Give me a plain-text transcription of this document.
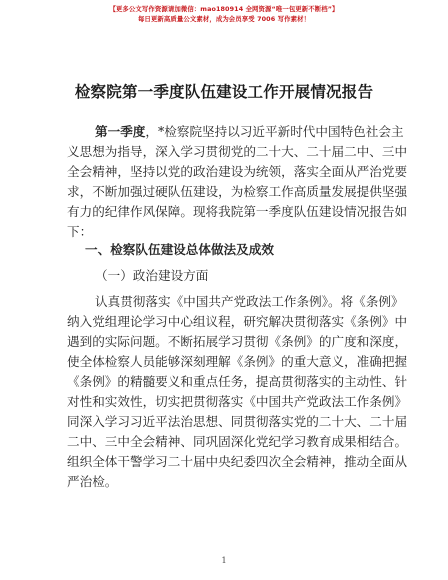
【更多公文写作资源请加微信：mao180914 全网资源“唯一包更新不断档”】
每日更新高质量公文素材，成为会员享受 7006 写作素材！
检察院第一季度队伍建设工作开展情况报告
第一季度，*检察院坚持以习近平新时代中国特色社会主
义思想为指导，深入学习贯彻党的二十大、二十届二中、三中
全会精神，坚持以党的政治建设为统领，落实全面从严治党要
求，不断加强过硬队伍建设，为检察工作高质量发展提供坚强
有力的纪律作风保障。现将我院第一季度队伍建设情况报告如
下：
一、检察队伍建设总体做法及成效
（一）政治建设方面
认真贯彻落实《中国共产党政法工作条例》。将《条例》
纳入党组理论学习中心组议程，研究解决贯彻落实《条例》中
遇到的实际问题。不断拓展学习贯彻《条例》的广度和深度，
使全体检察人员能够深刻理解《条例》的重大意义，准确把握
《条例》的精髓要义和重点任务，提高贯彻落实的主动性、针
对性和实效性，切实把贯彻落实《中国共产党政法工作条例》
同深入学习习近平法治思想、同贯彻落实党的二十大、二十届
二中、三中全会精神、同巩固深化党纪学习教育成果相结合。
组织全体干警学习二十届中央纪委四次全会精神，推动全面从
严治检。
1
